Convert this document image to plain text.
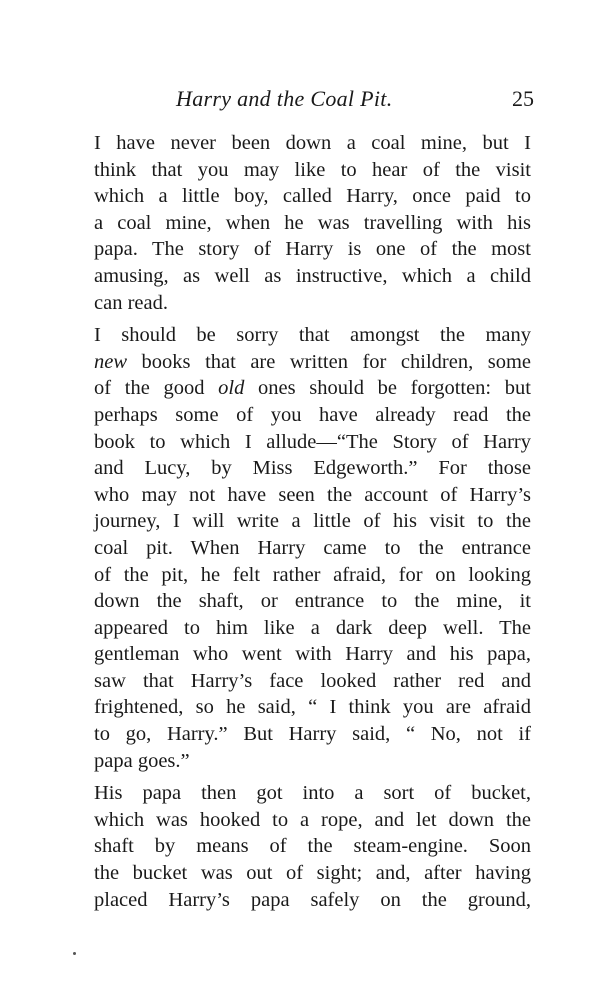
Harry and the Coal Pit.	25
I have never been down a coal mine, but I
think that you may like to hear of the visit
which a little boy, called Harry, once paid to
a coal mine, when he was travelling with his
papa. The story of Harry is one of the most
amusing, as well as instructive, which a child
can read.
I should be sorry that amongst the many
new books that are written for children, some
of the good old ones should be forgotten: but
perhaps some of you have already read the
book to which I allude—“The Story of Harry
and Lucy, by Miss Edgeworth.” For those
who may not have seen the account of Harry’s
journey, I will write a little of his visit to the
coal pit. When Harry came to the entrance
of the pit, he felt rather afraid, for on looking
down the shaft, or entrance to the mine, it
appeared to him like a dark deep well. The
gentleman who went with Harry and his papa,
saw that Harry’s face looked rather red and
frightened, so he said, “ I think you are afraid
to go, Harry.” But Harry said, “ No, not if
papa goes.”
His papa then got into a sort of bucket,
which was hooked to a rope, and let down the
shaft by means of the steam-engine. Soon
the bucket was out of sight; and, after having
placed Harry’s papa safely on the ground,
